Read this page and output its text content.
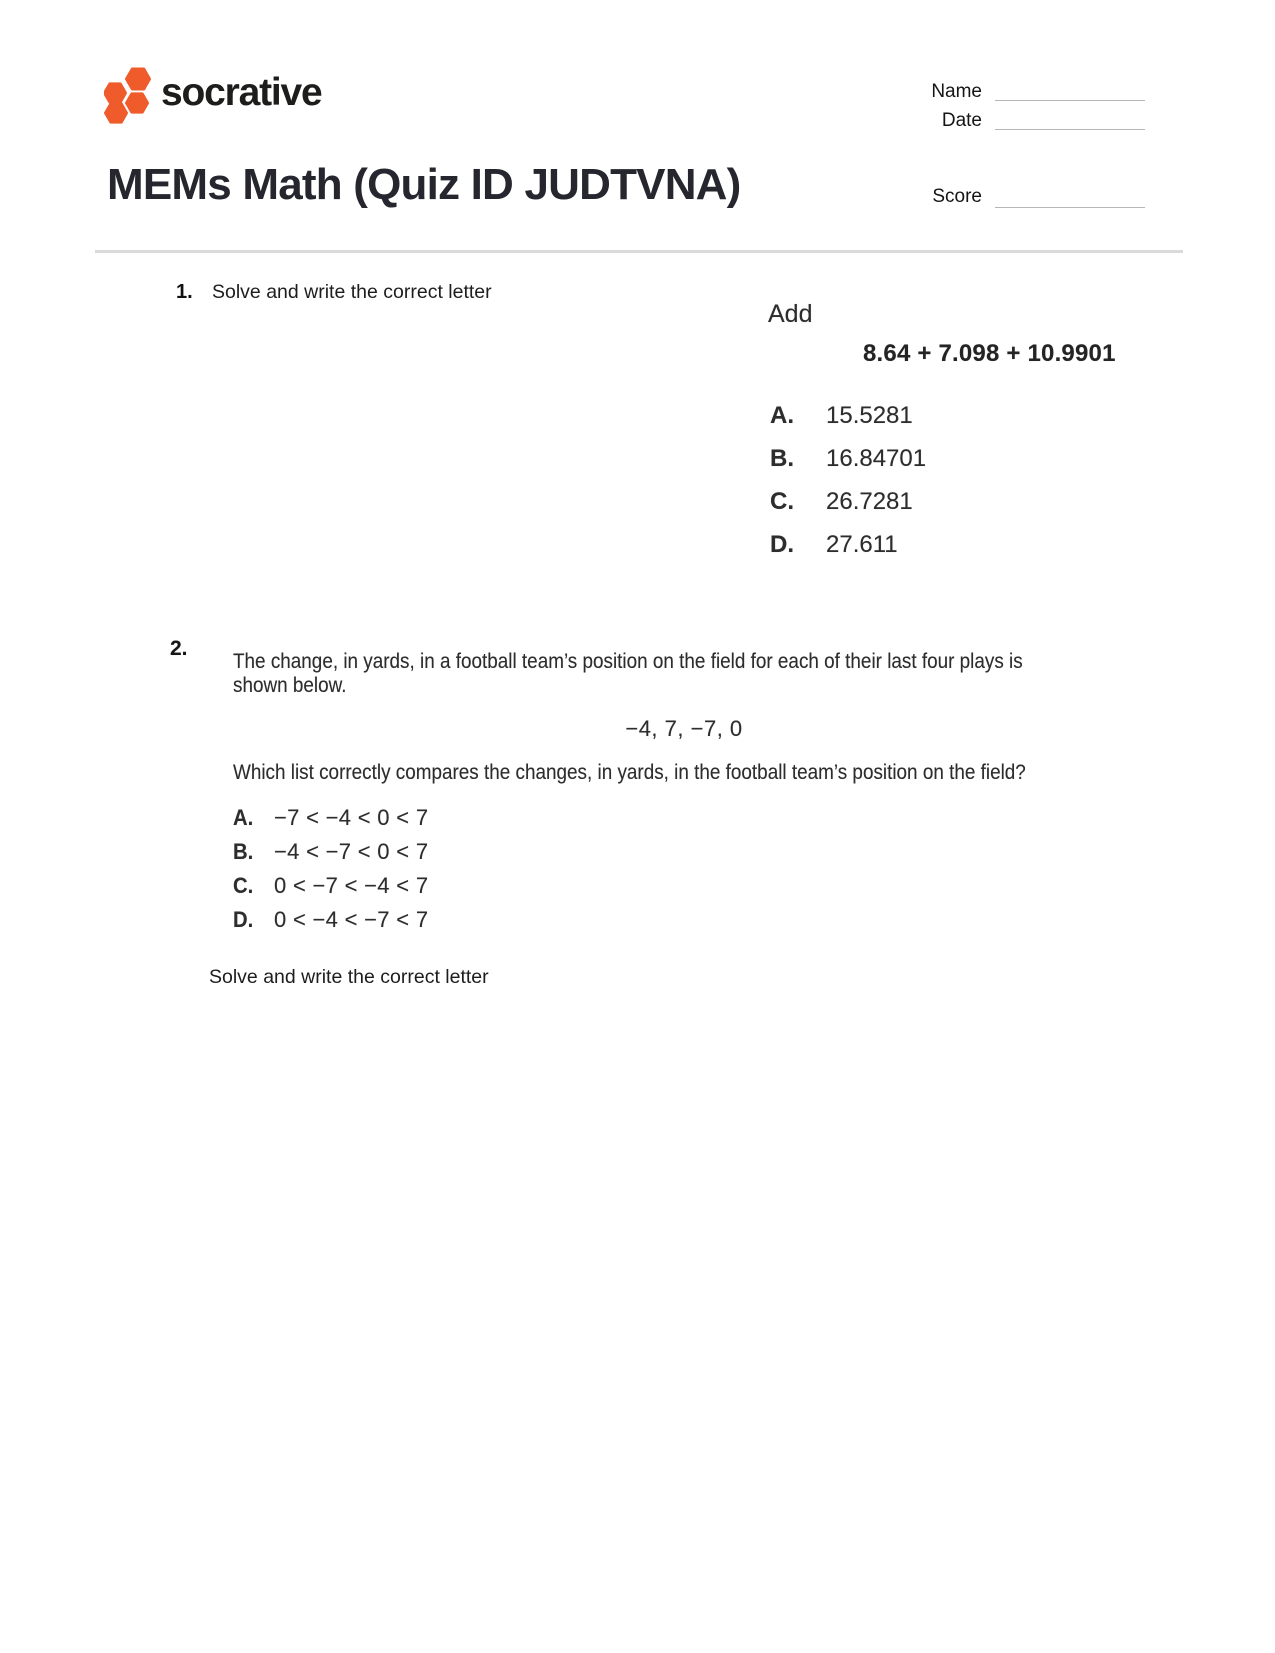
socrative	Name
Date
MEMs Math (Quiz ID JUDTVNA)	Score
1. Solve and write the correct letter
Add
8.64 + 7.098 + 10.9901
A. 15.5281
B. 16.84701
C. 26.7281
D. 27.611
2.
The change, in yards, in a football team’s position on the field for each of their last four plays is
shown below.
−4, 7, −7, 0
Which list correctly compares the changes, in yards, in the football team’s position on the field?
A. −7 < −4 < 0 < 7
B. −4 < −7 < 0 < 7
C. 0 < −7 < −4 < 7
D. 0 < −4 < −7 < 7
Solve and write the correct letter
